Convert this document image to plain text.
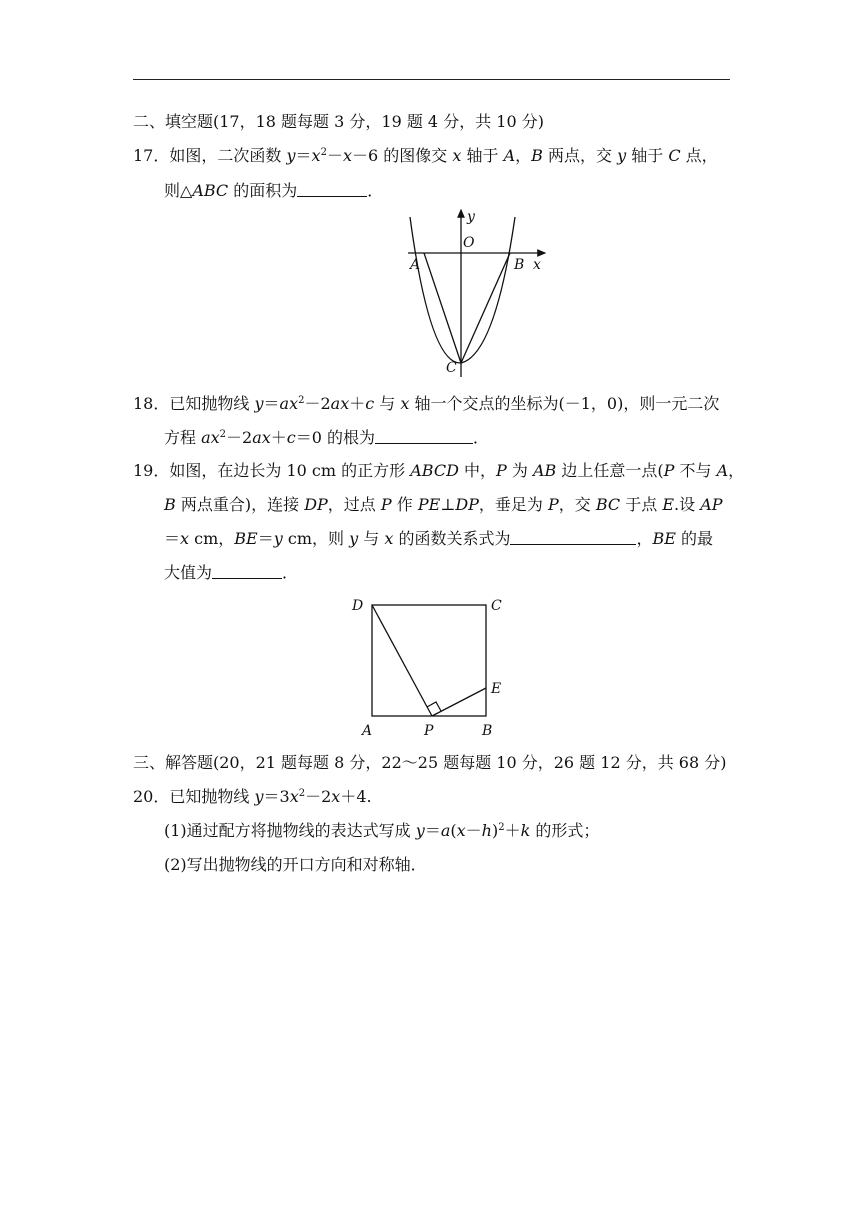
二、填空题(17，18 题每题 3 分，19 题 4 分，共 10 分)
17．如图，二次函数 $y=x^2-x-6$ 的图像交 x 轴于 A，B 两点，交 y 轴于 C 点，
则△ABC 的面积为	．
y
O
A	B x
C
18．已知抛物线 $y=ax^2-2ax+c$ 与 x 轴一个交点的坐标为(－1，0)，则一元二次
方程 $ax^2-2ax+c=0$ 的根为	．
19．如图，在边长为 10 cm 的正方形 ABCD 中，P 为 AB 边上任意一点(P 不与 A，
B 两点重合)，连接 DP，过点 P 作 PE⊥DP，垂足为 P，交 BC 于点 E.设 AP
＝x cm，BE＝y cm，则 y 与 x 的函数关系式为	，BE 的最
大值为	．
D	C
E
A	P	B
三、解答题(20，21 题每题 8 分，22～25 题每题 10 分，26 题 12 分，共 68 分)
20．已知抛物线 $y=3x^2-2x+4$.
(1)通过配方将抛物线的表达式写成 $y=a(x-h)^2+k$ 的形式；
(2)写出抛物线的开口方向和对称轴．
